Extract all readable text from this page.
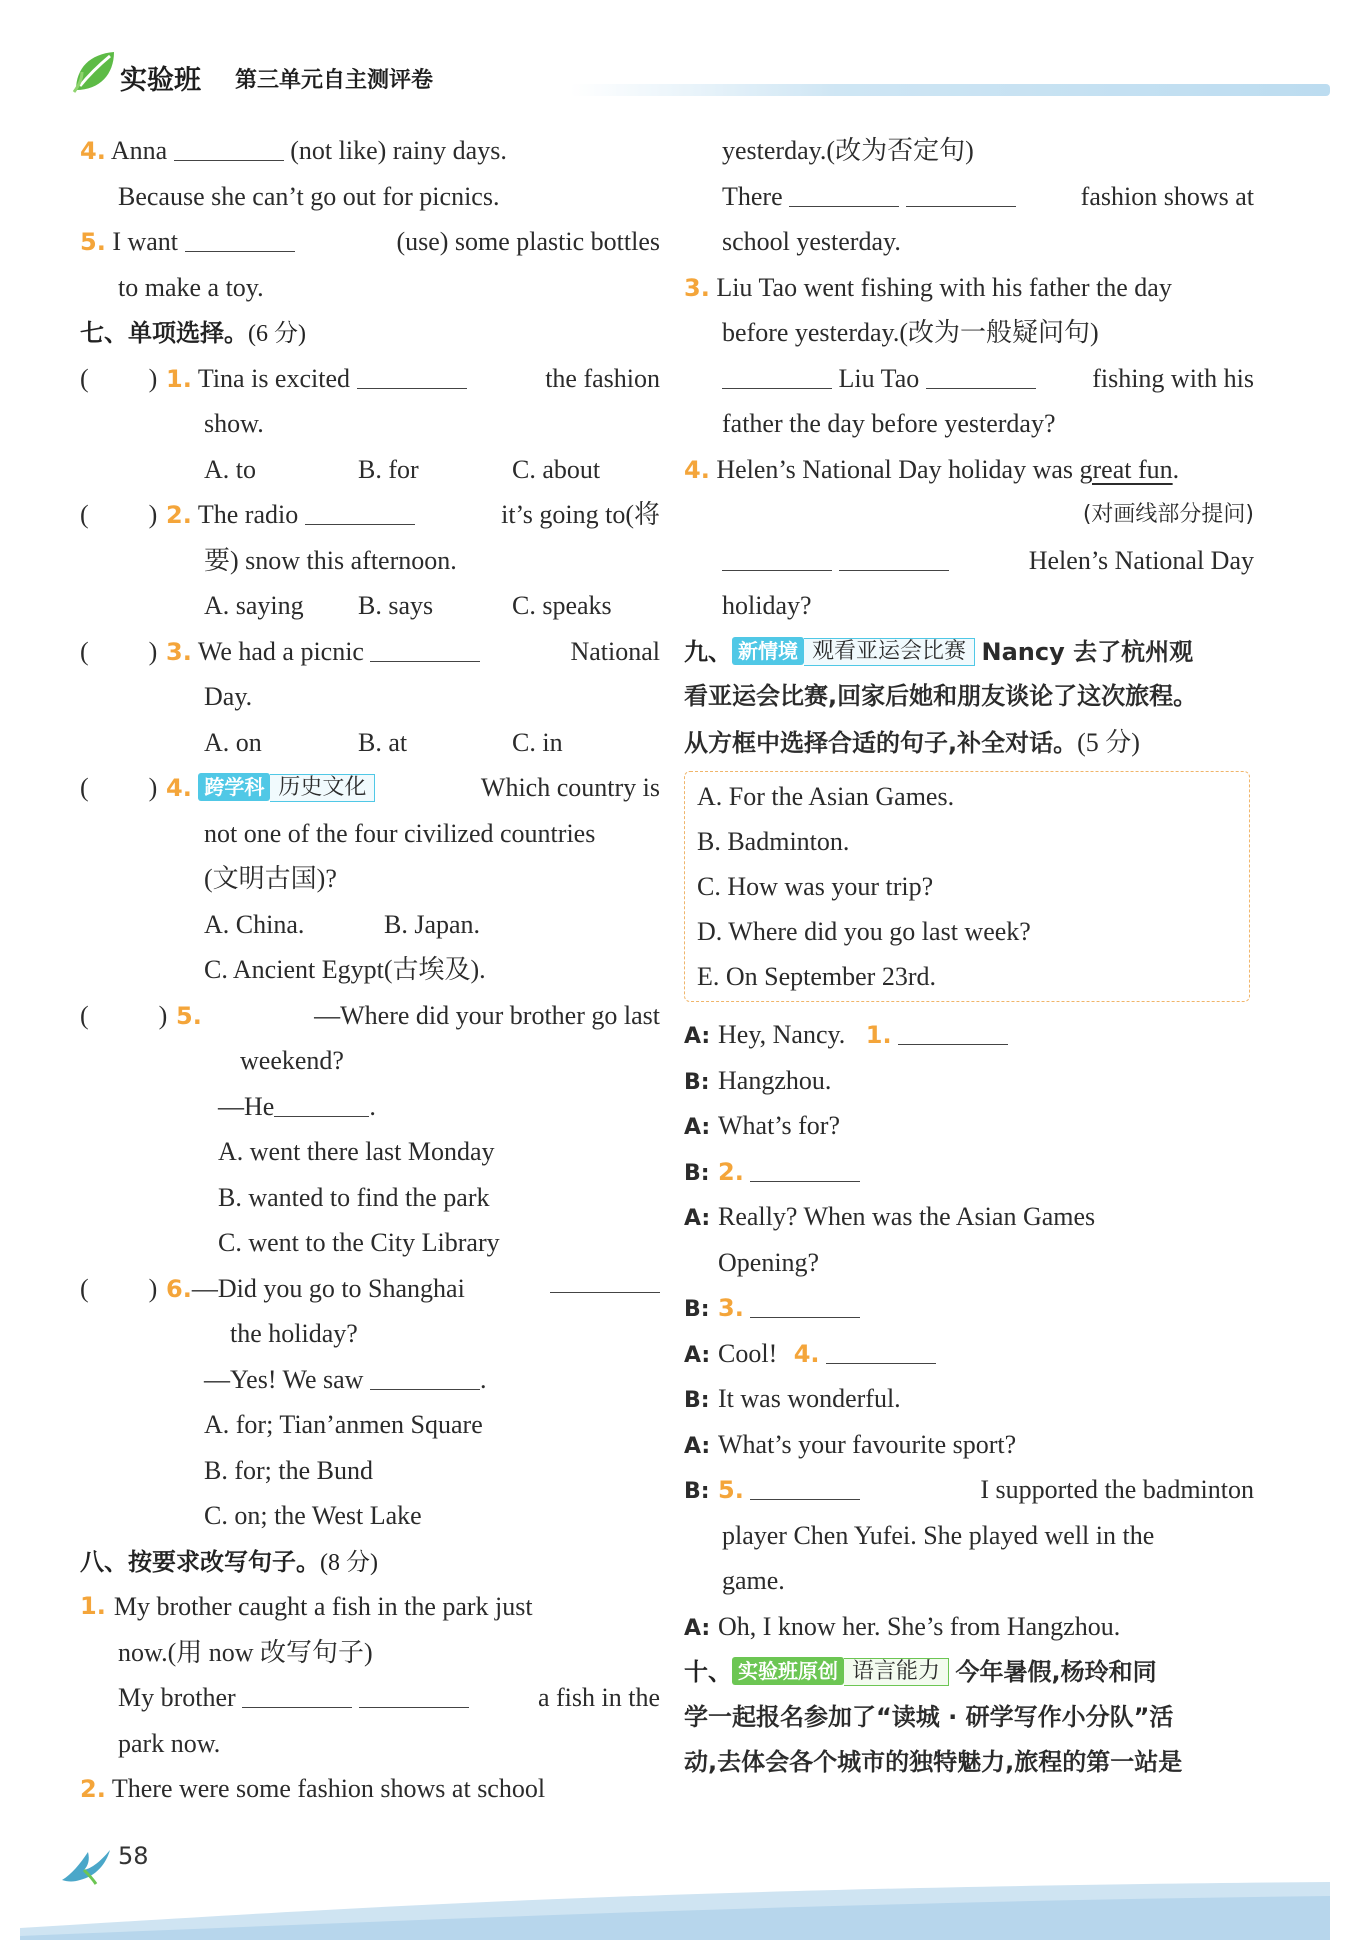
实验班 第三单元自主测评卷
4. Anna	(not like) rainy days.
Because she can’t go out for picnics.
5. I want	(use) some plastic bottles
to make a toy.
七、单项选择。(6 分)
( ) 1. Tina is excited	the fashion
show.
A. to	B. for	C. about
( ) 2. The radio	it’s going to(将
要) snow this afternoon.
A. saying B. says	C. speaks
( ) 3. We had a picnic	National
Day.
A. on	B. at	C. in
( ) 4. 跨学科 历史文化	Which country is
not one of the four civilized countries
(文明古国)?
A. China.	B. Japan.
C. Ancient Egypt(古埃及).
(	) 5.	—Where did your brother go last
weekend?
—He	.
A. went there last Monday
B. wanted to find the park
C. went to the City Library
( ) 6.—Did you go to Shanghai
the holiday?
—Yes! We saw	.
A. for; Tian’anmen Square
B. for; the Bund
C. on; the West Lake
八、按要求改写句子。(8 分)
1. My brother caught a fish in the park just
now.(用 now 改写句子)
My brother	a fish in the
park now.
2. There were some fashion shows at school
yesterday.(改为否定句)
There	fashion shows at
school yesterday.
3. Liu Tao went fishing with his father the day
before yesterday.(改为一般疑问句)
Liu Tao	fishing with his
father the day before yesterday?
4. Helen’s National Day holiday was great fun.
(对画线部分提问)

Helen’s National Day
holiday?
九、 新情境 观看亚运会比赛 Nancy 去了杭州观
看亚运会比赛,回家后她和朋友谈论了这次旅程。
从方框中选择合适的句子,补全对话。(5 分)
A. For the Asian Games.
B. Badminton.
C. How was your trip?
D. Where did you go last week?
E. On September 23rd.
A: Hey, Nancy. 1.
B: Hangzhou.
A: What’s for?
B: 2.
A: Really? When was the Asian Games
Opening?
B: 3.
A: Cool! 4.
B: It was wonderful.
A: What’s your favourite sport?
B: 5.	I supported the badminton
player Chen Yufei. She played well in the
game.
A: Oh, I know her. She’s from Hangzhou.
十、 实验班原创 语言能力 今年暑假,杨玲和同
学一起报名参加了“读城 · 研学写作小分队”活
动,去体会各个城市的独特魅力,旅程的第一站是
58
